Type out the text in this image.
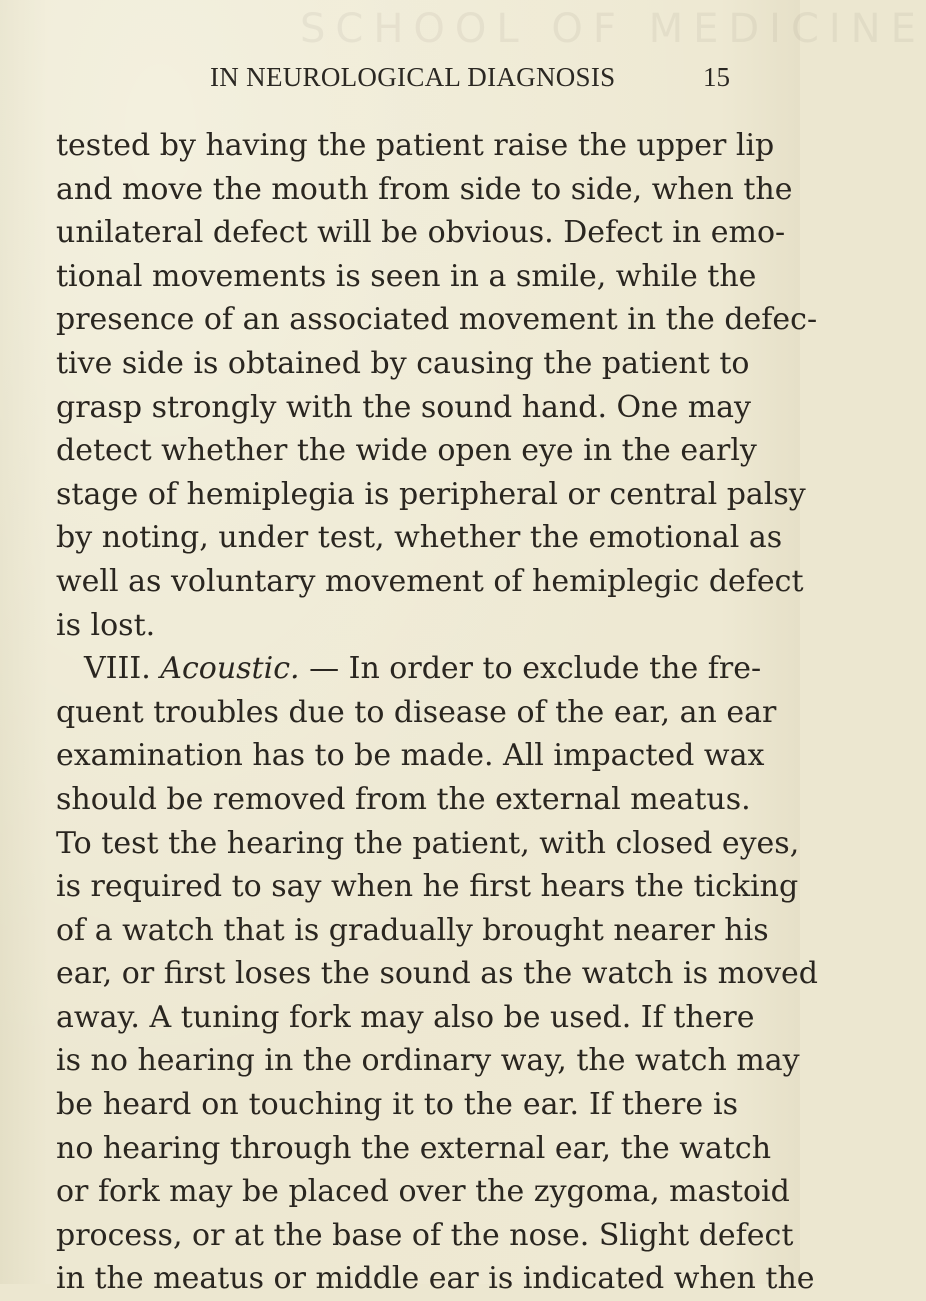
SCHOOL OF MEDICINE
IN NEUROLOGICAL DIAGNOSIS	15
tested by having the patient raise the upper lip
and move the mouth from side to side, when the
unilateral defect will be obvious. Defect in emo-
tional movements is seen in a smile, while the
presence of an associated movement in the defec-
tive side is obtained by causing the patient to
grasp strongly with the sound hand. One may
detect whether the wide open eye in the early
stage of hemiplegia is peripheral or central palsy
by noting, under test, whether the emotional as
well as voluntary movement of hemiplegic defect
is lost.
VIII. Acoustic. — In order to exclude the fre-
quent troubles due to disease of the ear, an ear
examination has to be made. All impacted wax
should be removed from the external meatus.
To test the hearing the patient, with closed eyes,
is required to say when he first hears the ticking
of a watch that is gradually brought nearer his
ear, or first loses the sound as the watch is moved
away. A tuning fork may also be used. If there
is no hearing in the ordinary way, the watch may
be heard on touching it to the ear. If there is
no hearing through the external ear, the watch
or fork may be placed over the zygoma, mastoid
process, or at the base of the nose. Slight defect
in the meatus or middle ear is indicated when the
